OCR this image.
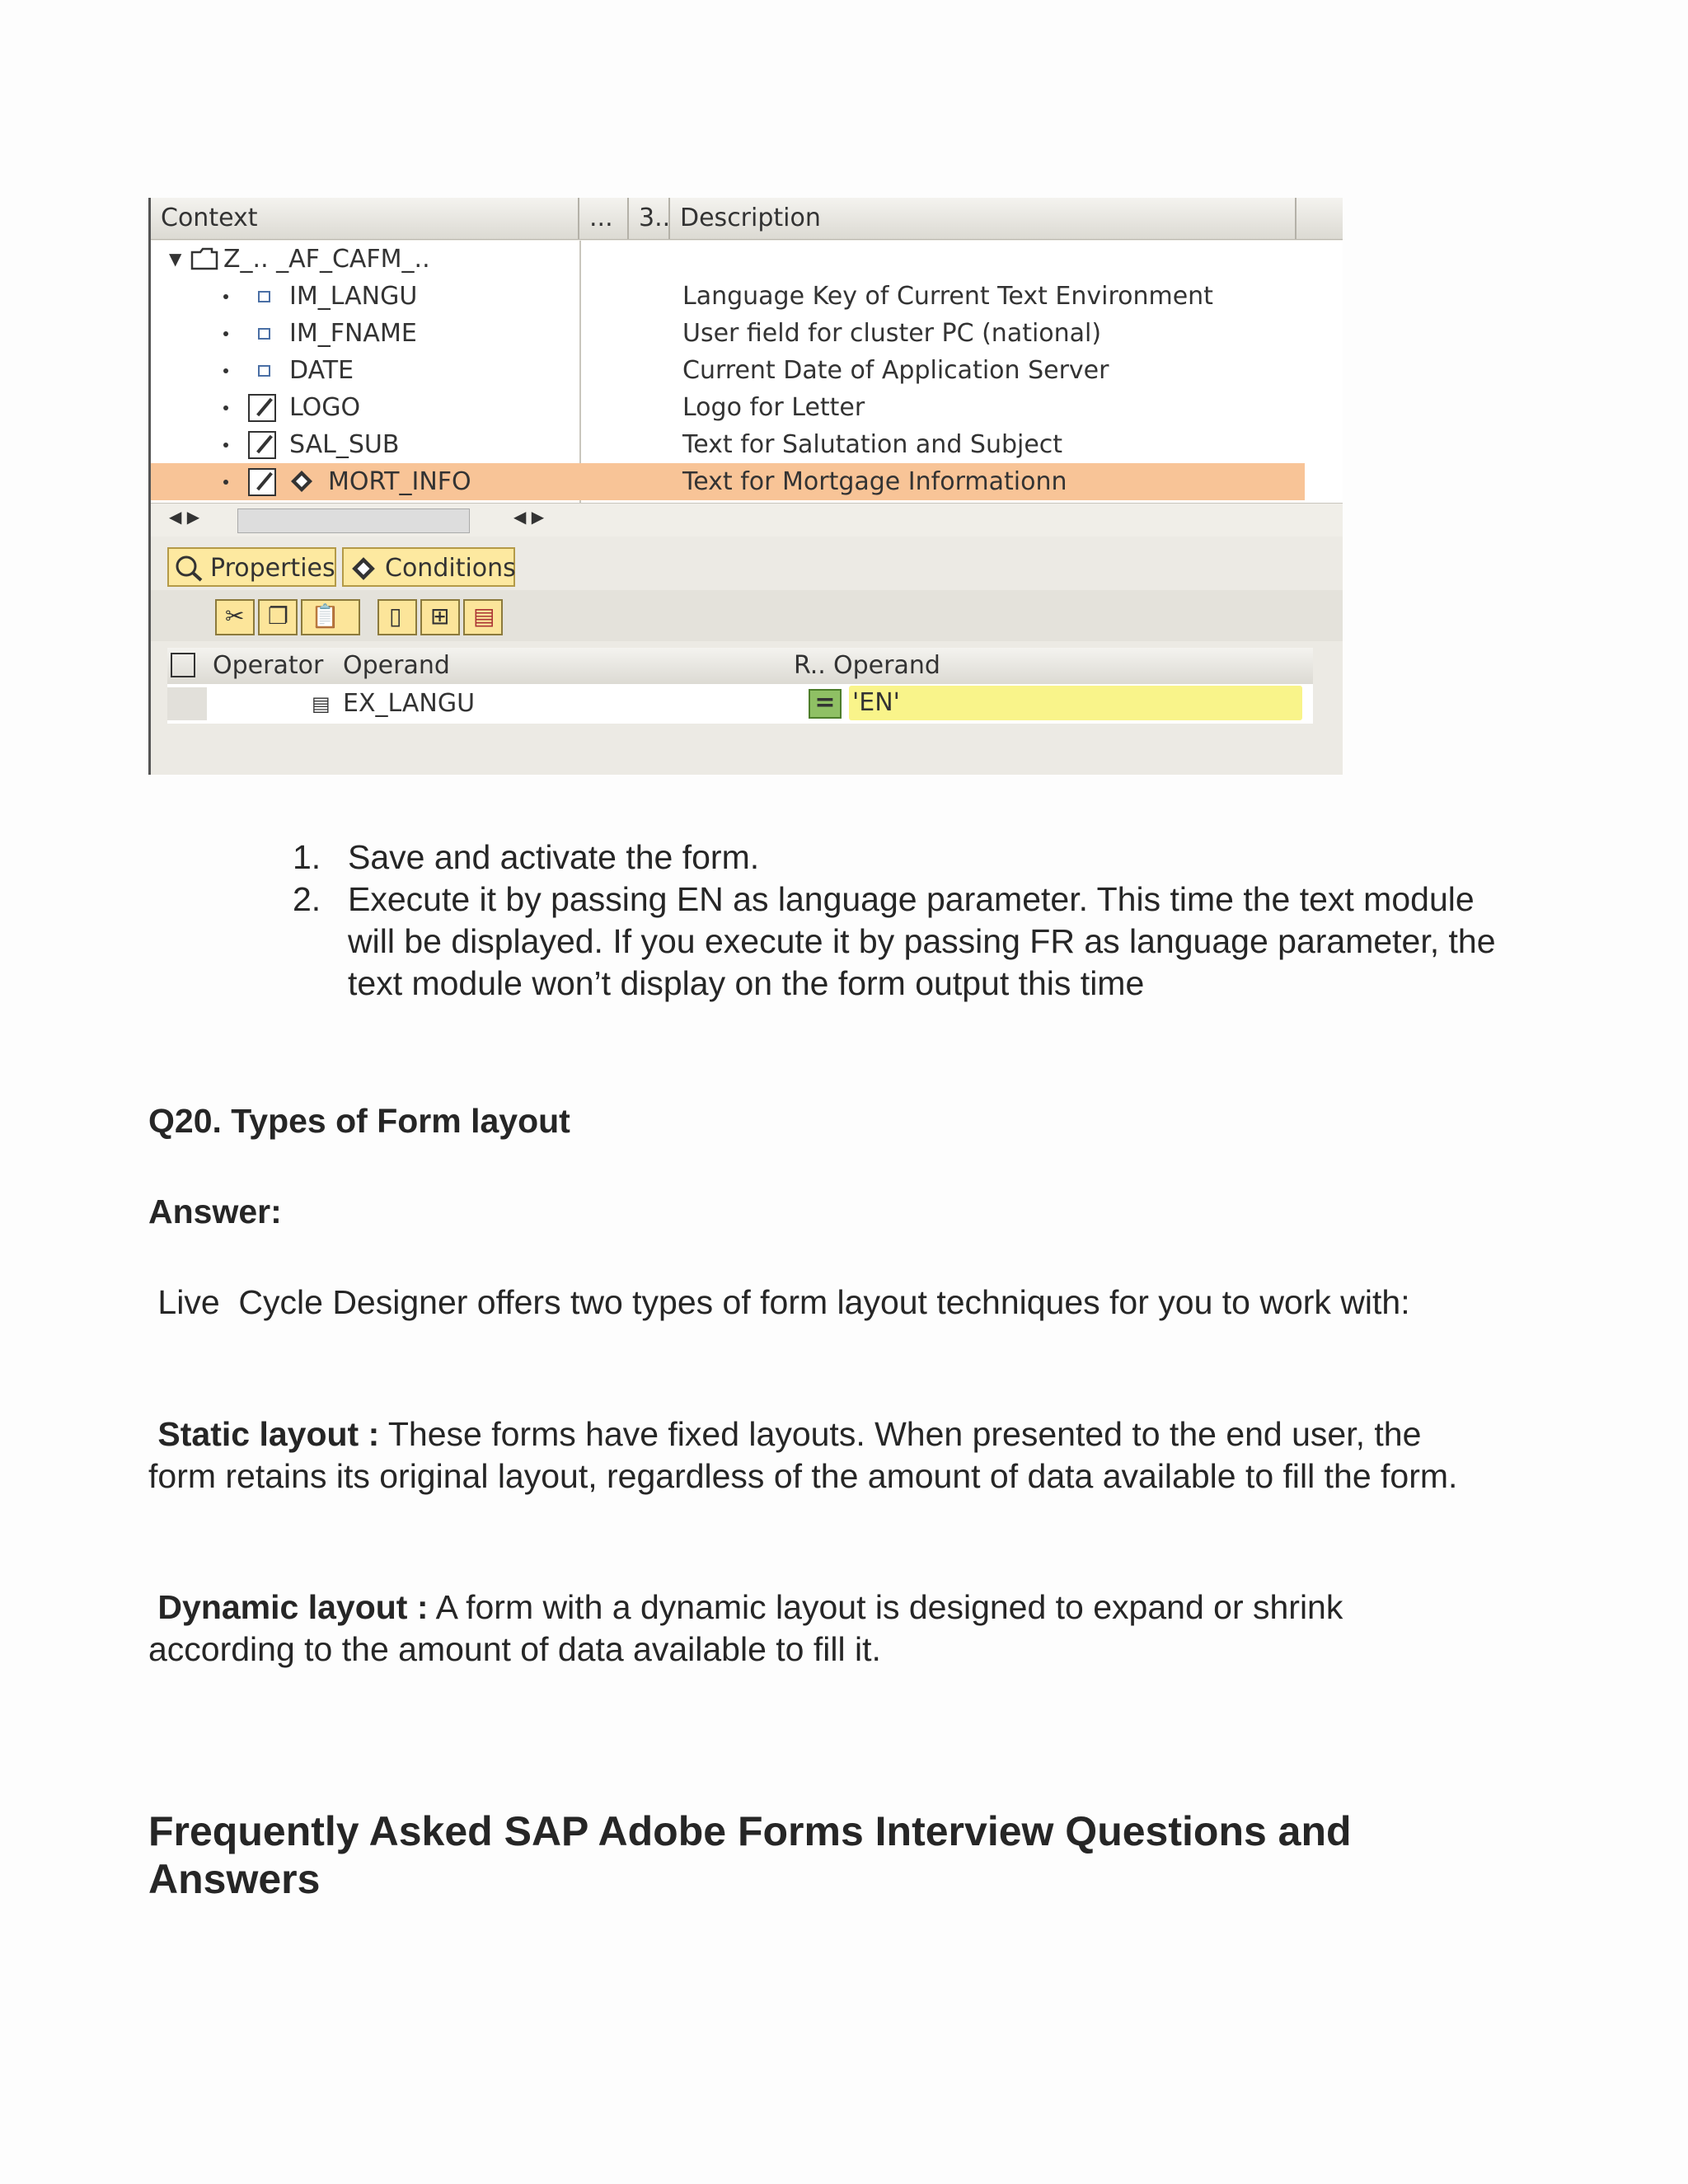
Context	...	3.. Description
▼ Z_.. _AF_CAFM_..
IM_LANGU	Language Key of Current Text Environment
IM_FNAME	User field for cluster PC (national)
DATE	Current Date of Application Server
LOGO	Logo for Letter
SAL_SUB	Text for Salutation and Subject
MORT_INFO	Text for Mortgage Informationn
◀ ▶	◀ ▶
Properties	Conditions
✂ ❐ 📋 ▯ ⊞ ▤
Operator Operand	R.. Operand
▤ EX_LANGU	= 'EN'
1. Save and activate the form.
2. Execute it by passing EN as language parameter. This time the text module will be displayed. If you execute it by passing FR as language parameter, the text module won’t display on the form output this time

Q20. Types of Form layout

Answer:

Live  Cycle Designer offers two types of form layout techniques for you to work with:

Static layout : These forms have fixed layouts. When presented to the end user, the form retains its original layout, regardless of the amount of data available to fill the form.

Dynamic layout : A form with a dynamic layout is designed to expand or shrink according to the amount of data available to fill it.

Frequently Asked SAP Adobe Forms Interview Questions and Answers
